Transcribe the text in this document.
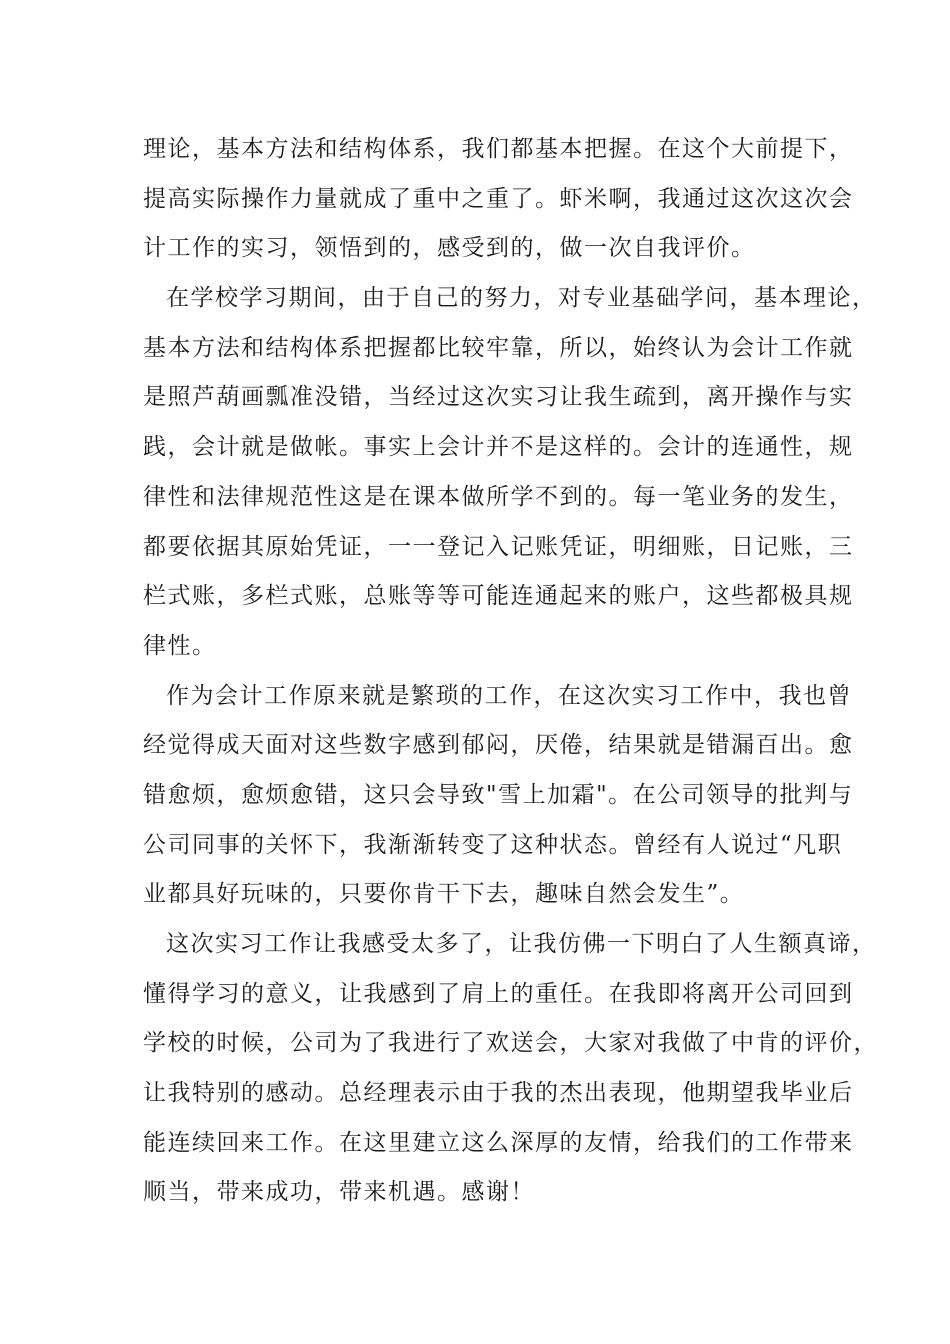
理论，基本方法和结构体系，我们都基本把握。在这个大前提下，
提高实际操作力量就成了重中之重了。虾米啊，我通过这次这次会
计工作的实习，领悟到的，感受到的，做一次自我评价。
在学校学习期间，由于自己的努力，对专业基础学问，基本理论，
基本方法和结构体系把握都比较牢靠，所以，始终认为会计工作就
是照芦葫画瓢准没错，当经过这次实习让我生疏到，离开操作与实
践，会计就是做帐。事实上会计并不是这样的。会计的连通性，规
律性和法律规范性这是在课本做所学不到的。每一笔业务的发生，
都要依据其原始凭证，一一登记入记账凭证，明细账，日记账，三
栏式账，多栏式账，总账等等可能连通起来的账户，这些都极具规
律性。
作为会计工作原来就是繁琐的工作，在这次实习工作中，我也曾
经觉得成天面对这些数字感到郁闷，厌倦，结果就是错漏百出。愈
错愈烦，愈烦愈错，这只会导致"雪上加霜"。在公司领导的批判与
公司同事的关怀下，我渐渐转变了这种状态。曾经有人说过“凡职
业都具好玩味的，只要你肯干下去，趣味自然会发生”。
这次实习工作让我感受太多了，让我仿佛一下明白了人生额真谛，
懂得学习的意义，让我感到了肩上的重任。在我即将离开公司回到
学校的时候，公司为了我进行了欢送会，大家对我做了中肯的评价，
让我特别的感动。总经理表示由于我的杰出表现，他期望我毕业后
能连续回来工作。在这里建立这么深厚的友情，给我们的工作带来
顺当，带来成功，带来机遇。感谢！
